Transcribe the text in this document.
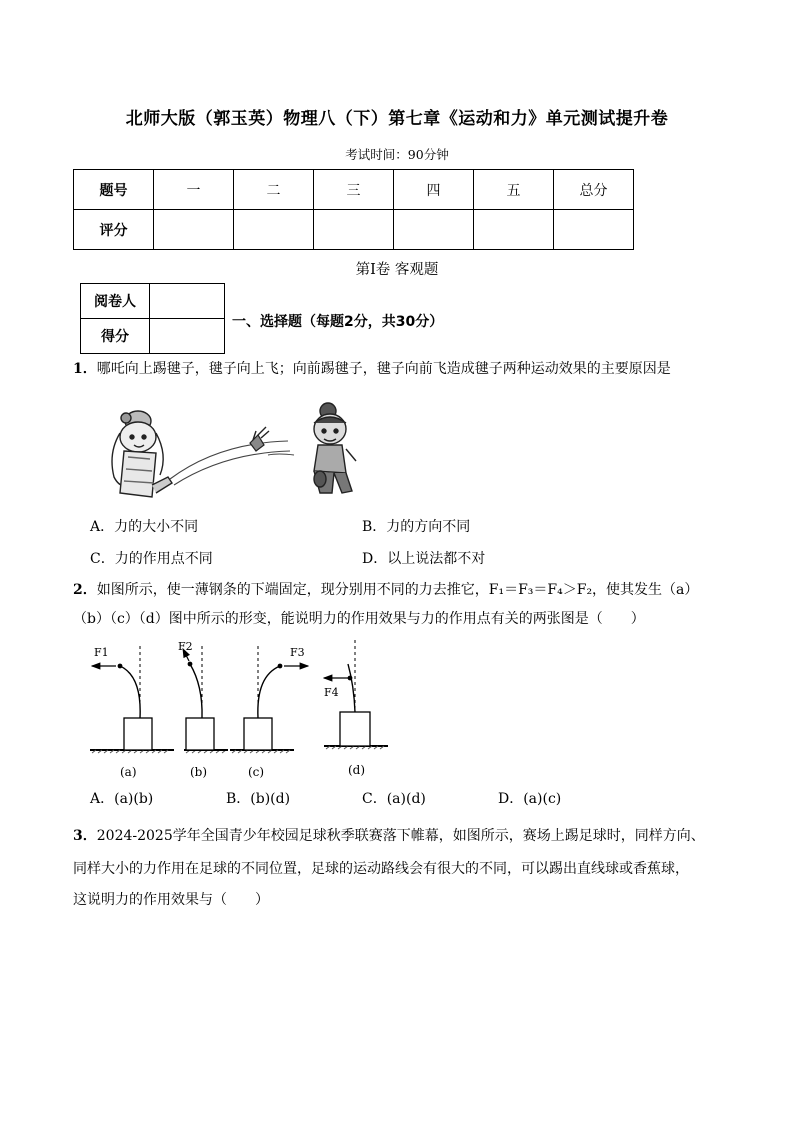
北师大版（郭玉英）物理八（下）第七章《运动和力》单元测试提升卷
考试时间：90分钟
题号	一	二	三	四	五	总分
评分						
第Ⅰ卷 客观题
阅卷人	
得分	
一、选择题（每题2分，共30分）
1．哪吒向上踢毽子，毽子向上飞；向前踢毽子，毽子向前飞造成毽子两种运动效果的主要原因是
A．力的大小不同	B．力的方向不同
C．力的作用点不同	D．以上说法都不对
2．如图所示，使一薄钢条的下端固定，现分别用不同的力去推它，F₁＝F₃＝F₄＞F₂，使其发生（a）
（b）（c）（d）图中所示的形变，能说明力的作用效果与力的作用点有关的两张图是（　　）
F1
(a)
F2
(b)
F3
(c)
F4
(d)
A．(a)(b)	B．(b)(d)	C．(a)(d)	D．(a)(c)
3．2024-2025学年全国青少年校园足球秋季联赛落下帷幕，如图所示，赛场上踢足球时，同样方向、
同样大小的力作用在足球的不同位置，足球的运动路线会有很大的不同，可以踢出直线球或香蕉球，
这说明力的作用效果与（　　）
